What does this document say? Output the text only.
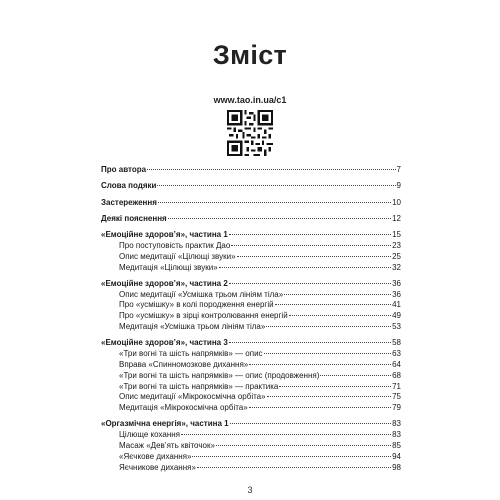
Зміст
www.tao.in.ua/c1
Про автора	7
Слова подяки	9
Застереження	10
Деякі пояснення	12
«Емоційне здоров’я», частина 1	15
Про поступовість практик Дао	23
Опис медитації «Цілющі звуки»	25
Медитація «Цілющі звуки»	32
«Емоційне здоров’я», частина 2	36
Опис медитації «Усмішка трьом лініям тіла»	36
Про «усмішку» в колі породження енергій	41
Про «усмішку» в зірці контролювання енергій	49
Медитація «Усмішка трьом лініям тіла»	53
«Емоційне здоров’я», частина 3	58
«Три вогні та шість напрямків» — опис	63
Вправа «Спинномозкове дихання»	64
«Три вогні та шість напрямків» — опис (продовження)	68
«Три вогні та шість напрямків» — практика	71
Опис медитації «Мікрокосмічна орбіта»	75
Медитація «Мікрокосмічна орбіта»	79
«Оргазмічна енергія», частина 1	83
Цілюще кохання	83
Масаж «Дев’ять квіточок»	85
«Яєчкове дихання»	94
Яєчникове дихання»	98
3
